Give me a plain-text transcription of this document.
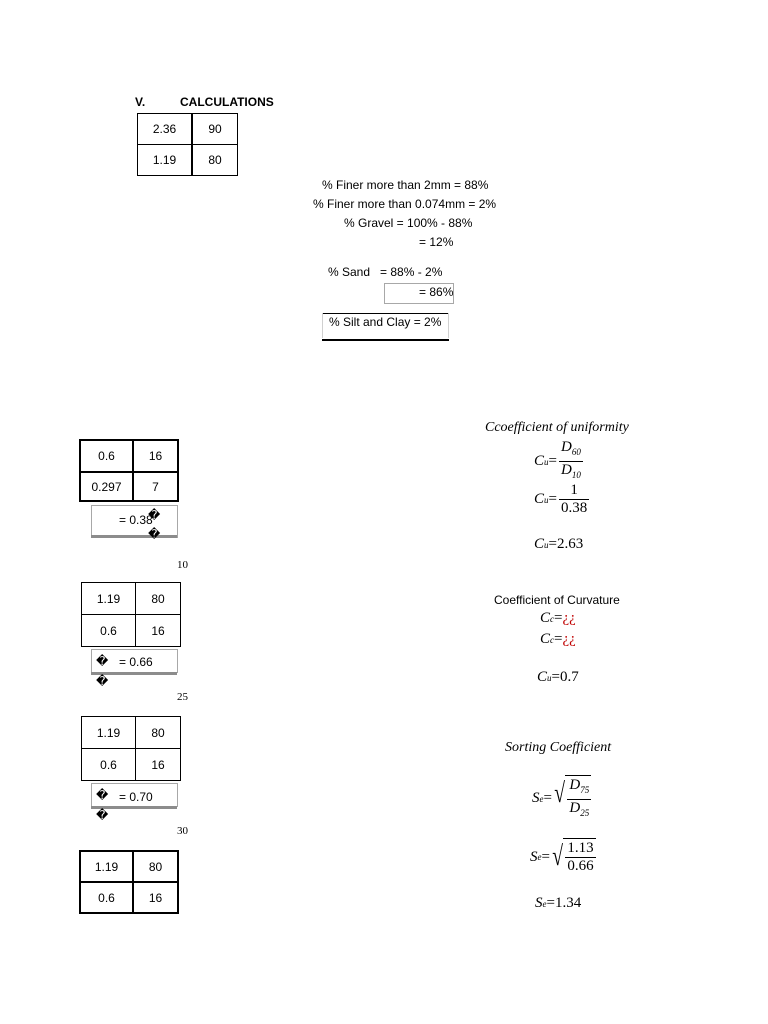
V.	CALCULATIONS
2.36	90
1.19	80
% Finer more than 2mm = 88%
% Finer more than 0.074mm = 2%
% Gravel = 100% - 88%
= 12%
% Sand = 88% - 2%
= 86%
% Silt and Clay = 2%
0.6	16
0.297	7
= 0.38
�
�
10
1.19	80
0.6	16
� = 0.66
�
25
1.19	80
0.6	16
� = 0.70
�
30
1.19	80
0.6	16
Ccoefficient of uniformity
C $u = \frac{D_{60}}{D_{10}}$
C $u = \frac{1}{0.38}$
C u =2.63
Coefficient of Curvature
C c = ¿¿
C c = ¿¿
C u =0.7
Sorting Coefficient
S e = √ $\frac{D_{75}}{D_{25}}$
S e = √ $\frac{1.13}{0.66}$
S e =1.34
